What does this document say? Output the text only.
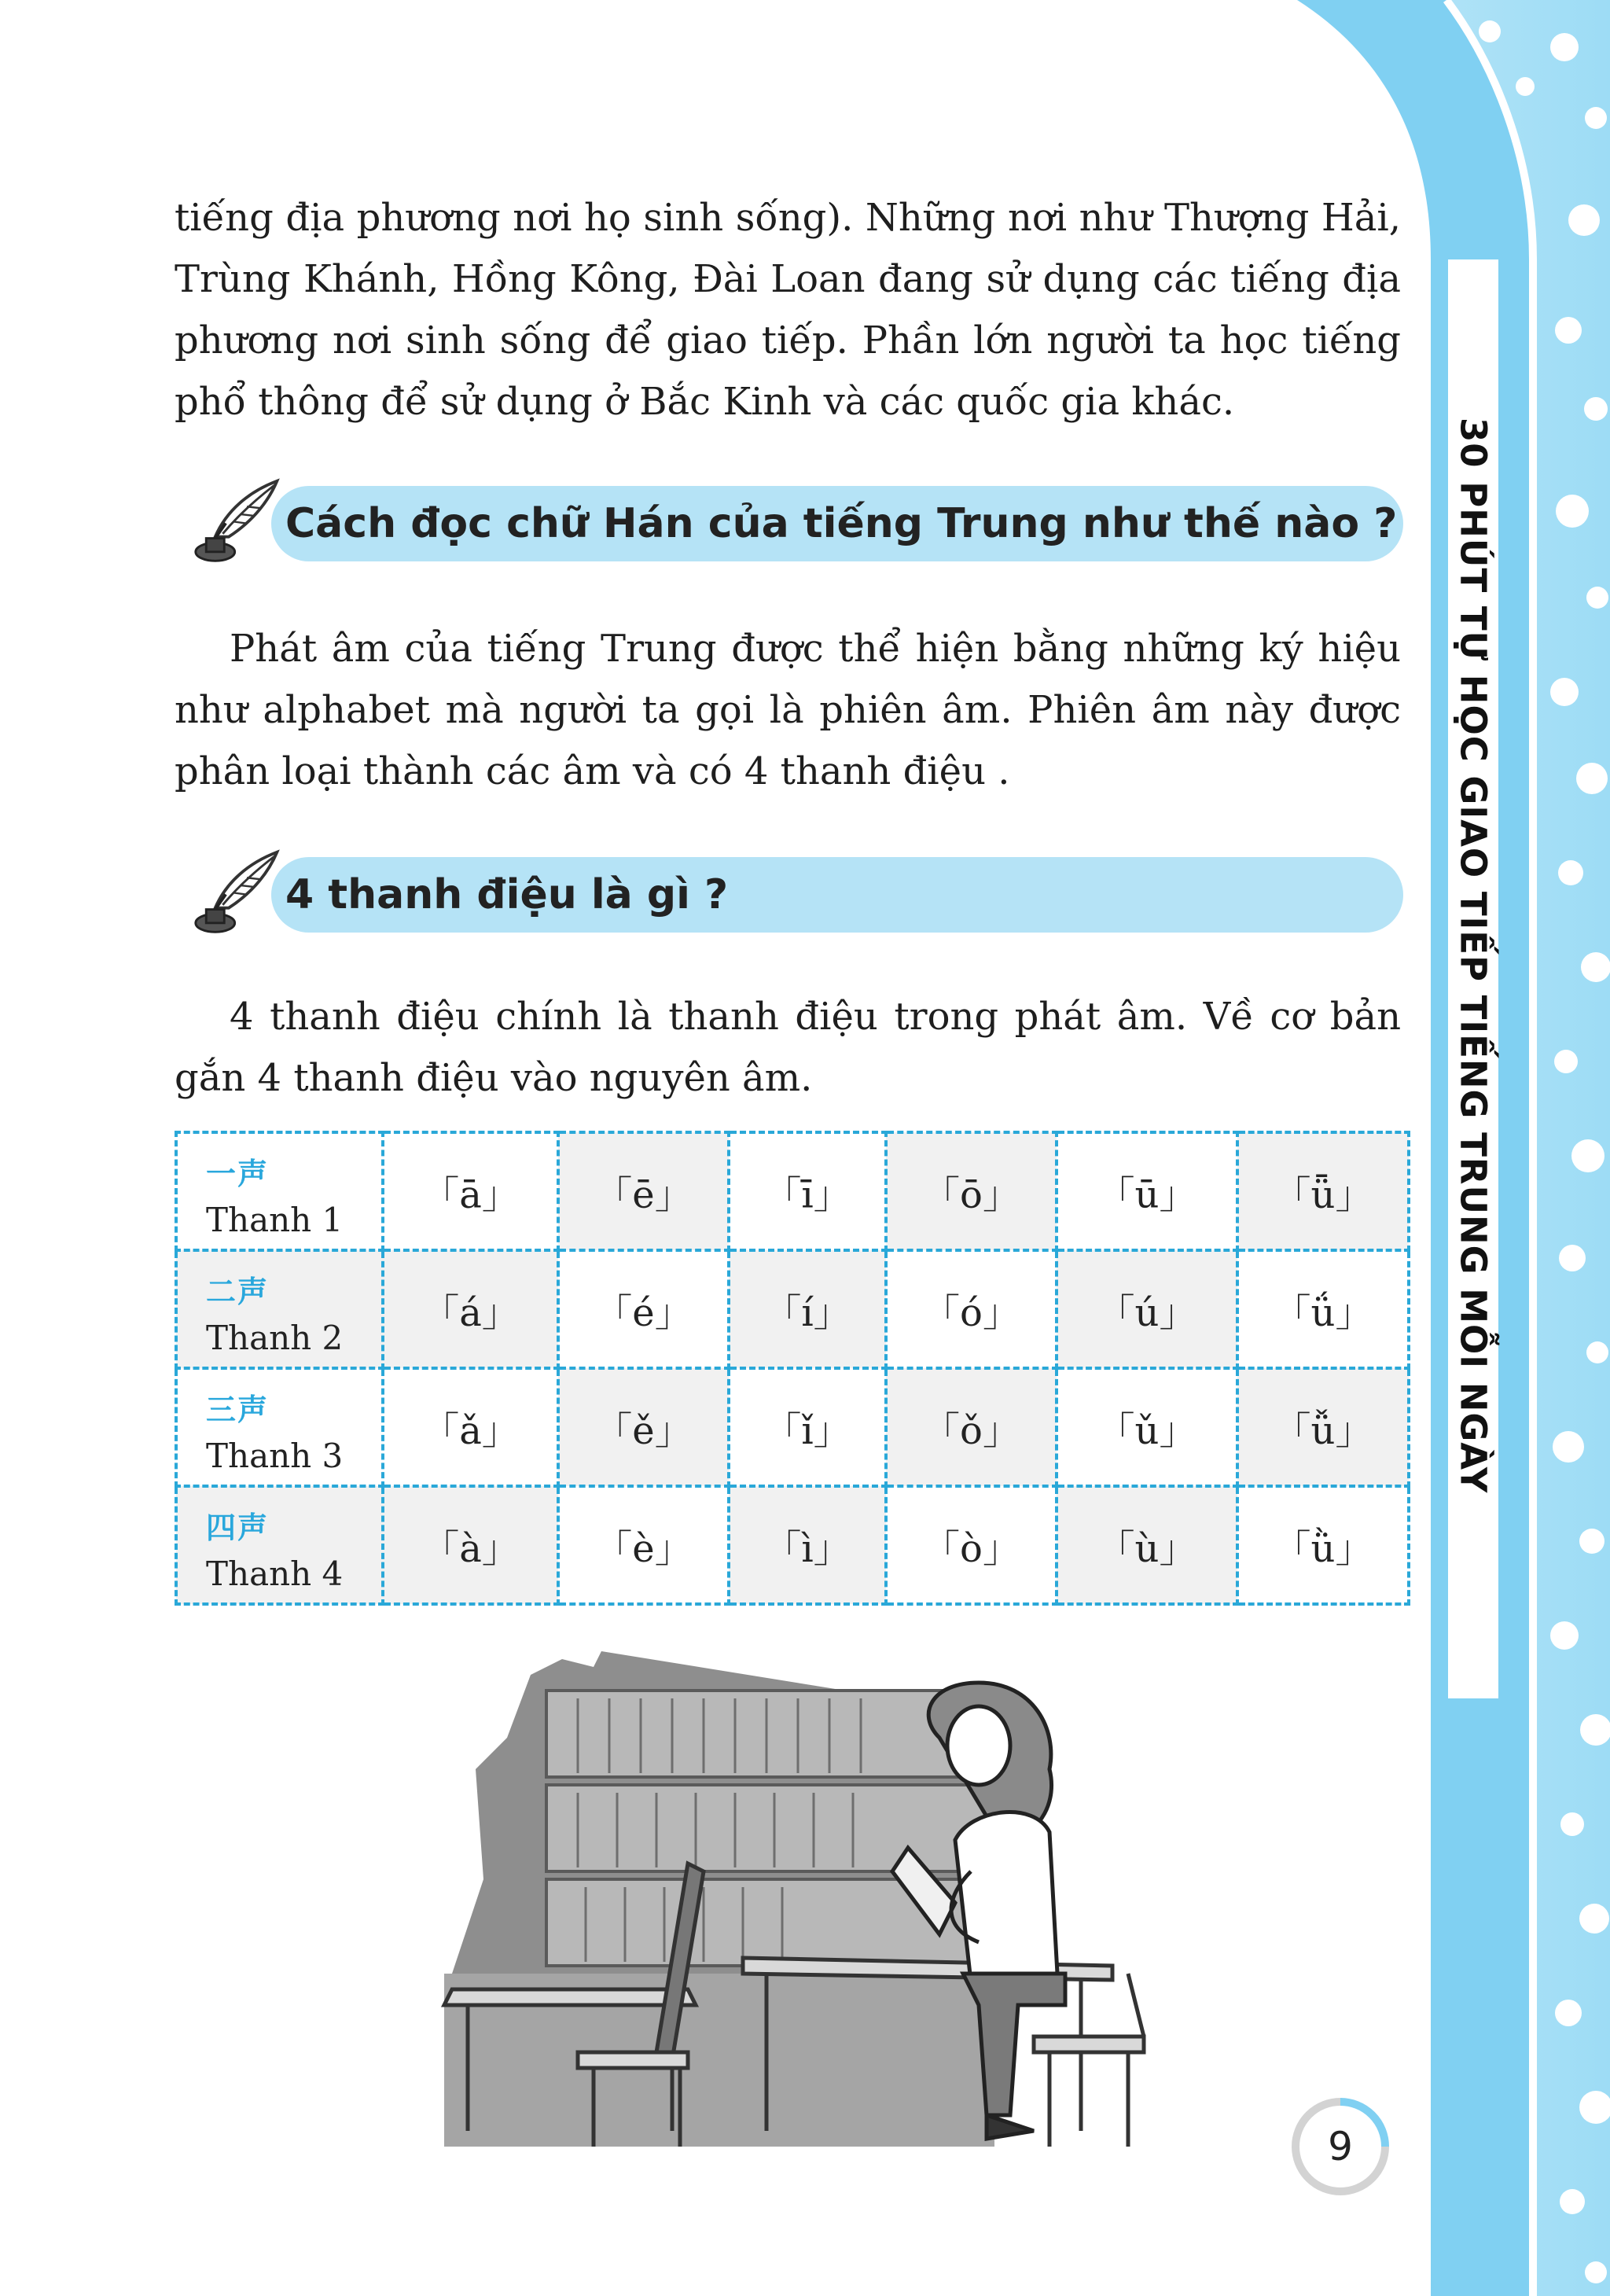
30 PHÚT TỰ HỌC GIAO TIẾP TIẾNG TRUNG MỖI NGÀY

tiếng địa phương nơi họ sinh sống). Những nơi như Thượng Hải, Trùng Khánh, Hồng Kông, Đài Loan đang sử dụng các tiếng địa phương nơi sinh sống để giao tiếp. Phần lớn người ta học tiếng phổ thông để sử dụng ở Bắc Kinh và các quốc gia khác.

Cách đọc chữ Hán của tiếng Trung như thế nào ?

Phát âm của tiếng Trung được thể hiện bằng những ký hiệu như alphabet mà người ta gọi là phiên âm. Phiên âm này được phân loại thành các âm và có 4 thanh điệu .

4 thanh điệu là gì ?

4 thanh điệu chính là thanh điệu trong phát âm. Về cơ bản gắn 4 thanh điệu vào nguyên âm.

一声
Thanh 1	「ā」	「ē」	「ī」	「ō」	「ū」	「ǖ」

二声
Thanh 2	「á」	「é」	「í」	「ó」	「ú」	「ǘ」

三声
Thanh 3	「ǎ」	「ě」	「ǐ」	「ǒ」	「ǔ」	「ǚ」

四声
Thanh 4	「à」	「è」	「ì」	「ò」	「ù」	「ǜ」
9
